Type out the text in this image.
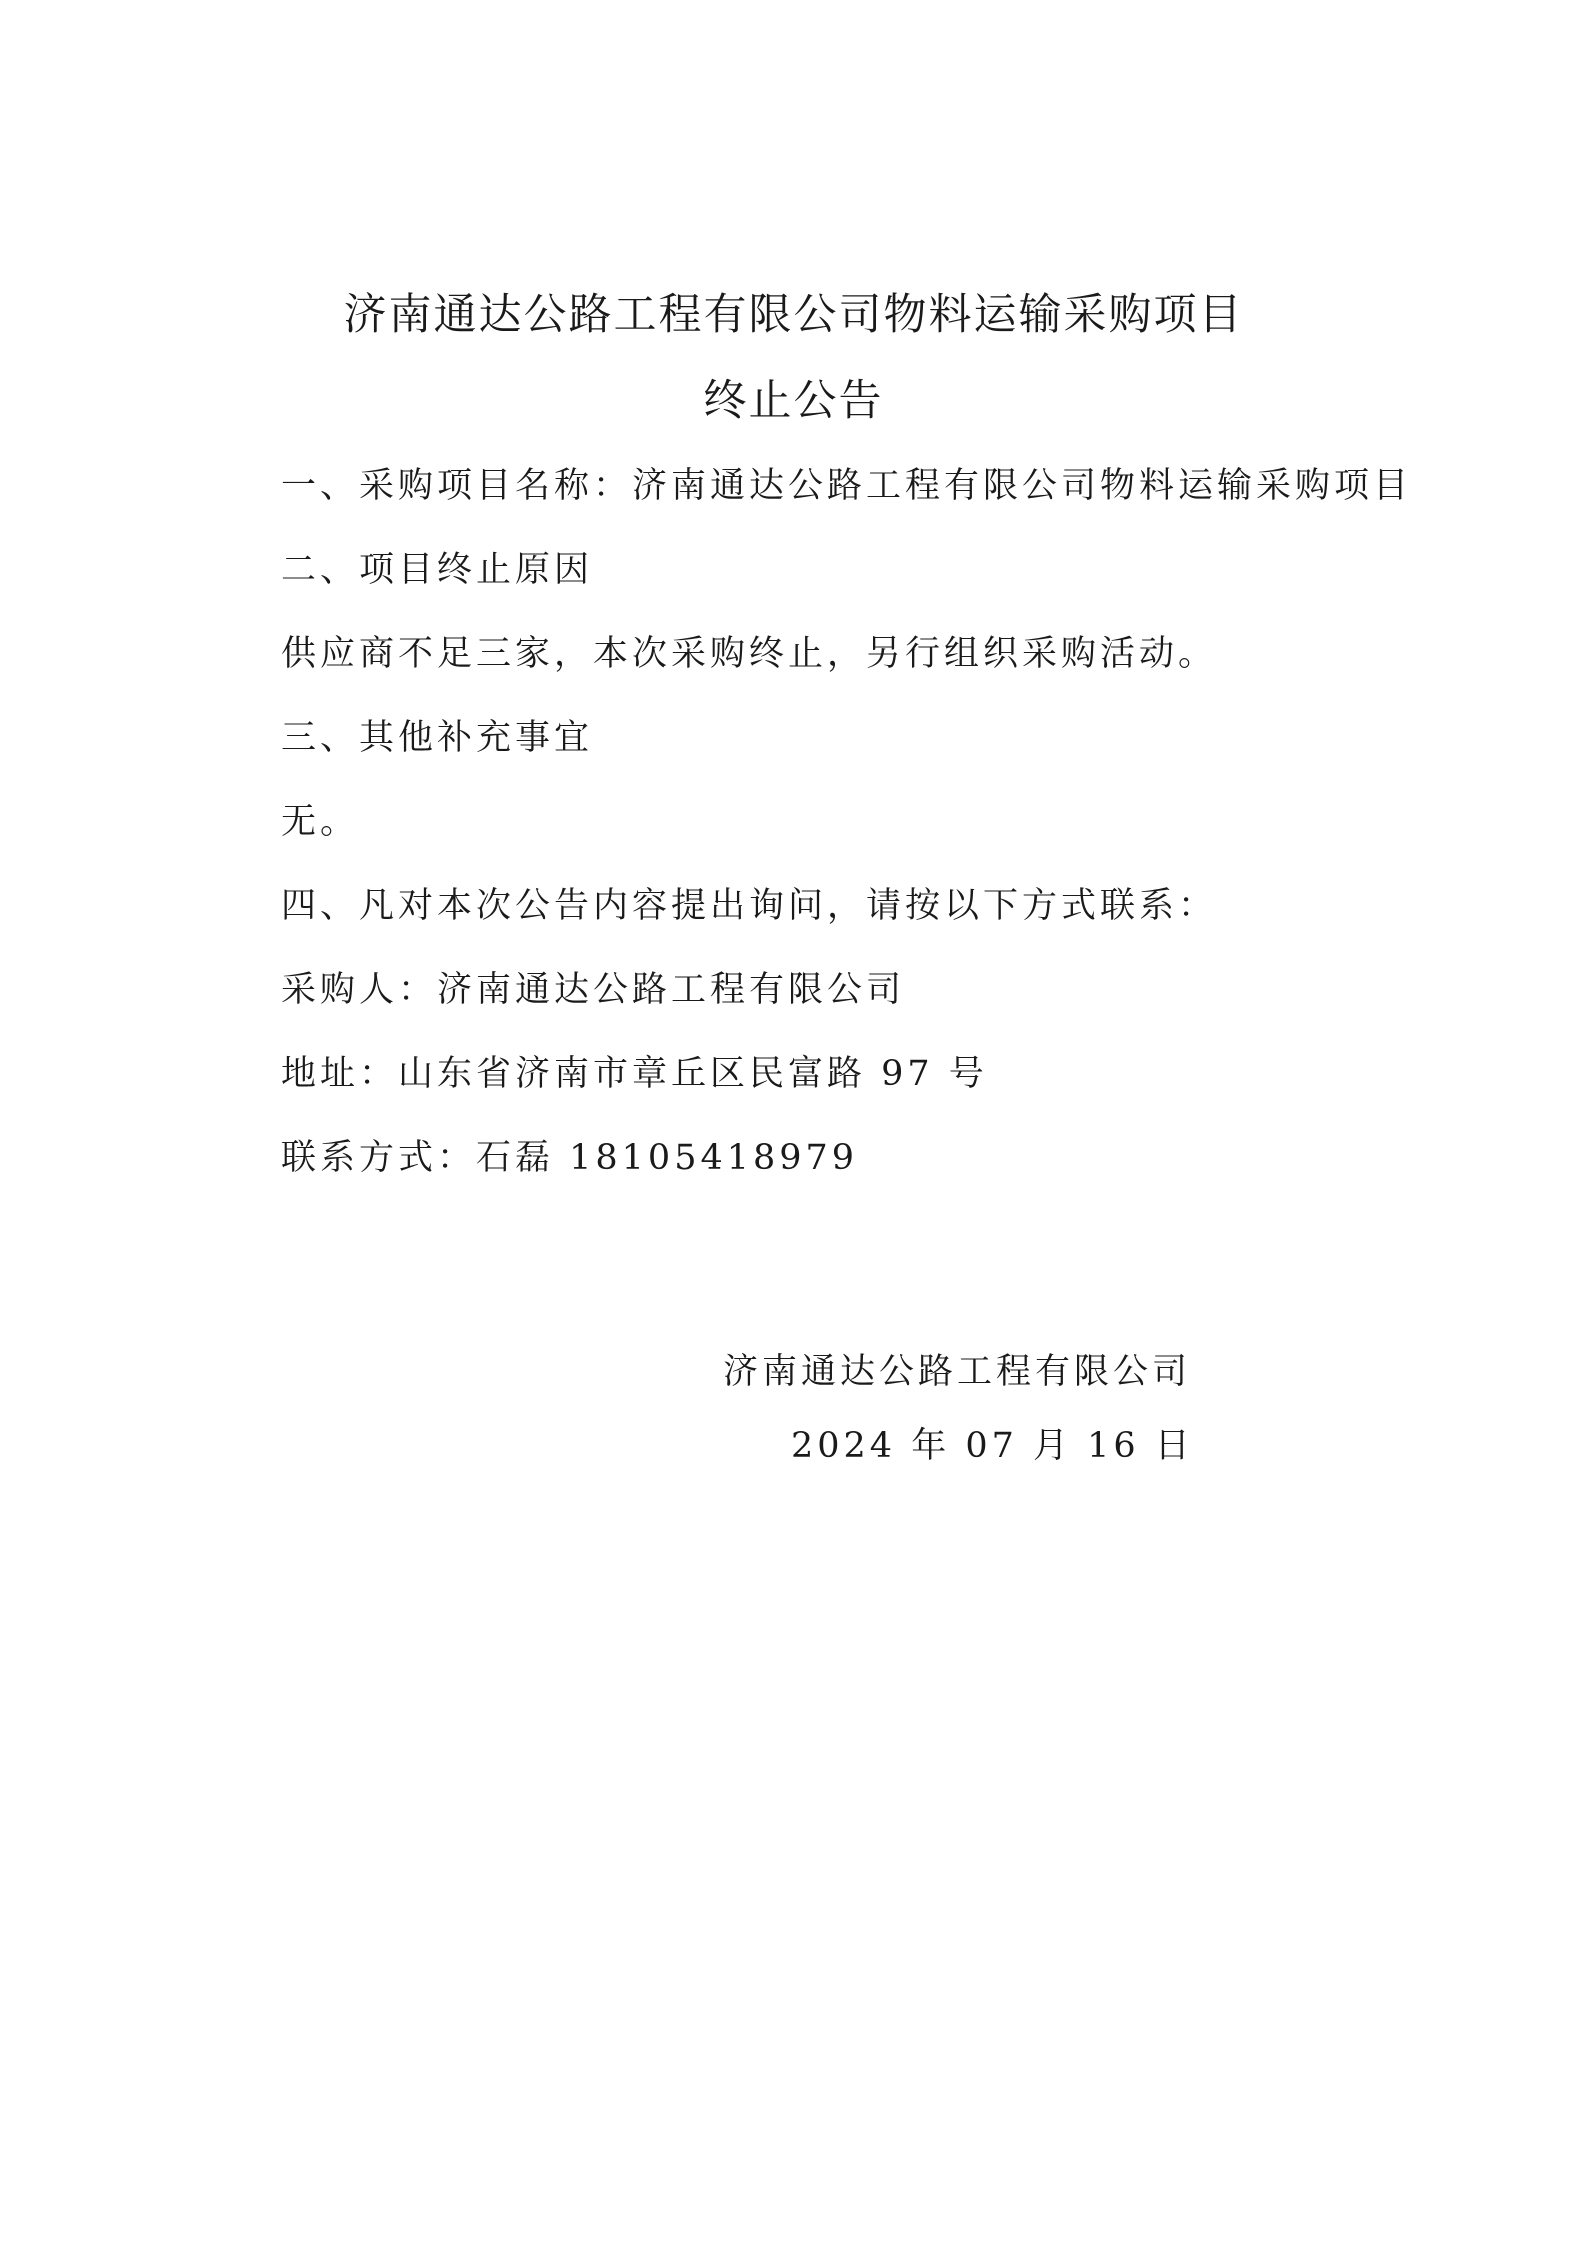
济南通达公路工程有限公司物料运输采购项目
终止公告
一、采购项目名称：济南通达公路工程有限公司物料运输采购项目
二、项目终止原因
供应商不足三家，本次采购终止，另行组织采购活动。
三、其他补充事宜
无。
四、凡对本次公告内容提出询问，请按以下方式联系：
采购人：济南通达公路工程有限公司
地址：山东省济南市章丘区民富路 97 号
联系方式：石磊 18105418979
济南通达公路工程有限公司
2024 年 07 月 16 日
